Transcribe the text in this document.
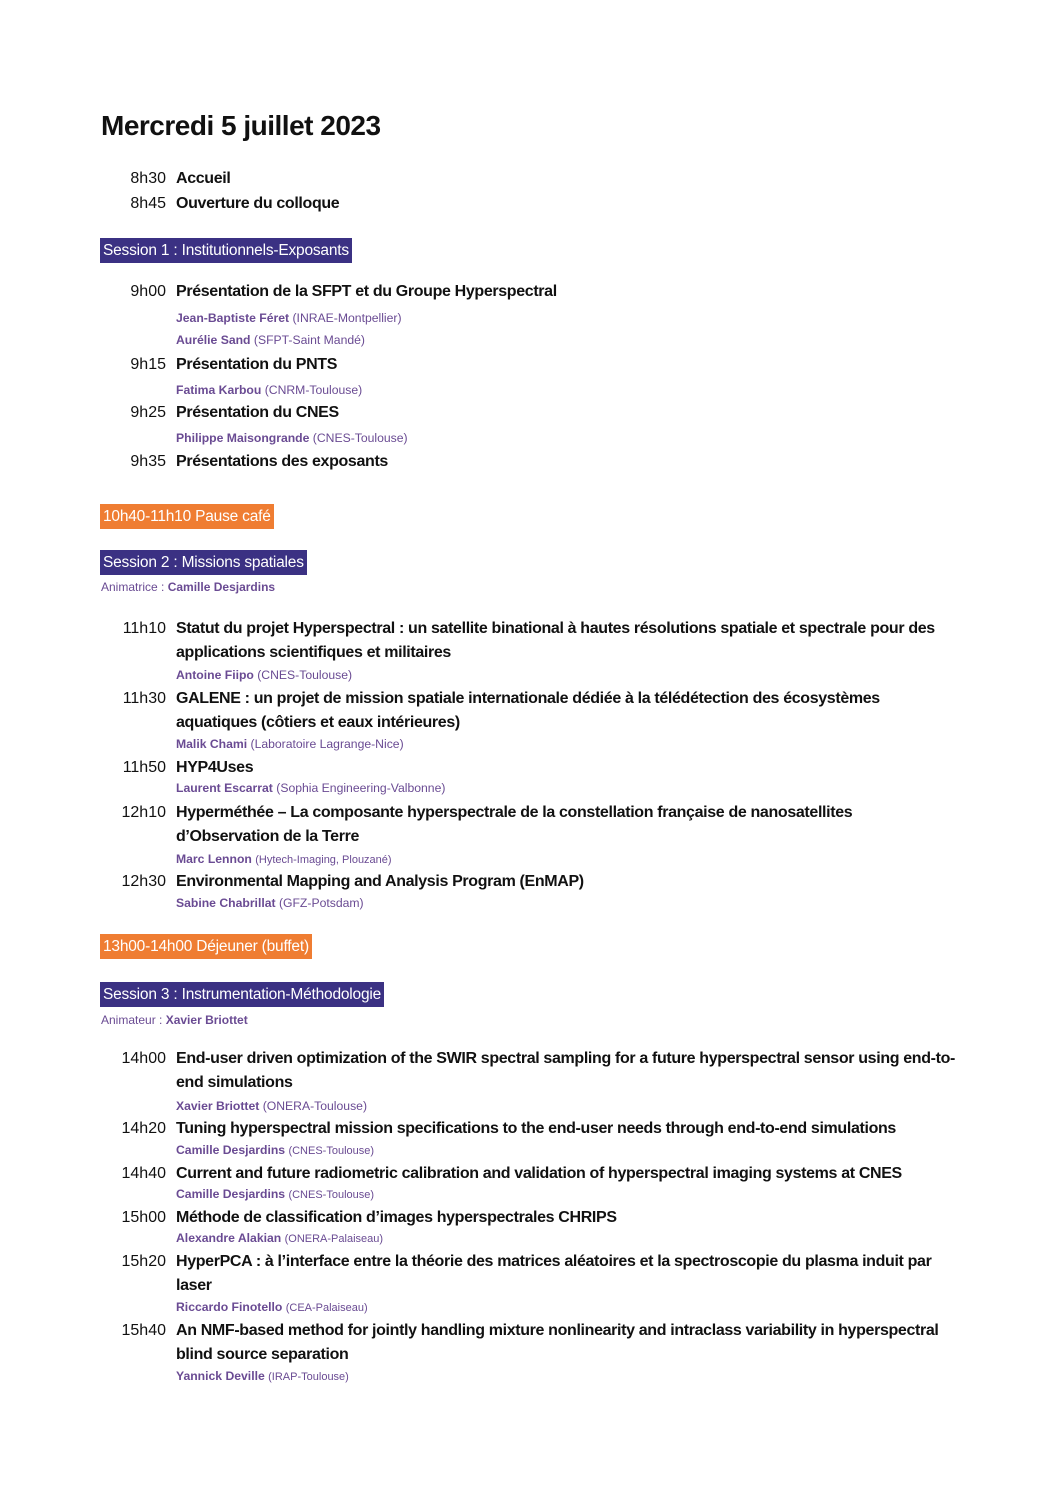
Mercredi 5 juillet 2023
8h30 Accueil
8h45 Ouverture du colloque
Session 1 : Institutionnels-Exposants
9h00 Présentation de la SFPT et du Groupe Hyperspectral
Jean-Baptiste Féret (INRAE-Montpellier)
Aurélie Sand (SFPT-Saint Mandé)
9h15 Présentation du PNTS
Fatima Karbou (CNRM-Toulouse)
9h25 Présentation du CNES
Philippe Maisongrande (CNES-Toulouse)
9h35 Présentations des exposants
10h40-11h10 Pause café
Session 2 : Missions spatiales
Animatrice : Camille Desjardins
11h10 Statut du projet Hyperspectral : un satellite binational à hautes résolutions spatiale et spectrale pour des applications scientifiques et militaires
Antoine Fiipo (CNES-Toulouse)
11h30 GALENE : un projet de mission spatiale internationale dédiée à la télédétection des écosystèmes aquatiques (côtiers et eaux intérieures)
Malik Chami (Laboratoire Lagrange-Nice)
11h50 HYP4Uses
Laurent Escarrat (Sophia Engineering-Valbonne)
12h10 Hyperméthée – La composante hyperspectrale de la constellation française de nanosatellites d’Observation de la Terre
Marc Lennon (Hytech-Imaging, Plouzané)
12h30 Environmental Mapping and Analysis Program (EnMAP)
Sabine Chabrillat (GFZ-Potsdam)
13h00-14h00 Déjeuner (buffet)
Session 3 : Instrumentation-Méthodologie
Animateur : Xavier Briottet
14h00 End-user driven optimization of the SWIR spectral sampling for a future hyperspectral sensor using end-to-end simulations
Xavier Briottet (ONERA-Toulouse)
14h20 Tuning hyperspectral mission specifications to the end-user needs through end-to-end simulations
Camille Desjardins (CNES-Toulouse)
14h40 Current and future radiometric calibration and validation of hyperspectral imaging systems at CNES
Camille Desjardins (CNES-Toulouse)
15h00 Méthode de classification d’images hyperspectrales CHRIPS
Alexandre Alakian (ONERA-Palaiseau)
15h20 HyperPCA : à l’interface entre la théorie des matrices aléatoires et la spectroscopie du plasma induit par laser
Riccardo Finotello (CEA-Palaiseau)
15h40 An NMF-based method for jointly handling mixture nonlinearity and intraclass variability in hyperspectral blind source separation
Yannick Deville (IRAP-Toulouse)
